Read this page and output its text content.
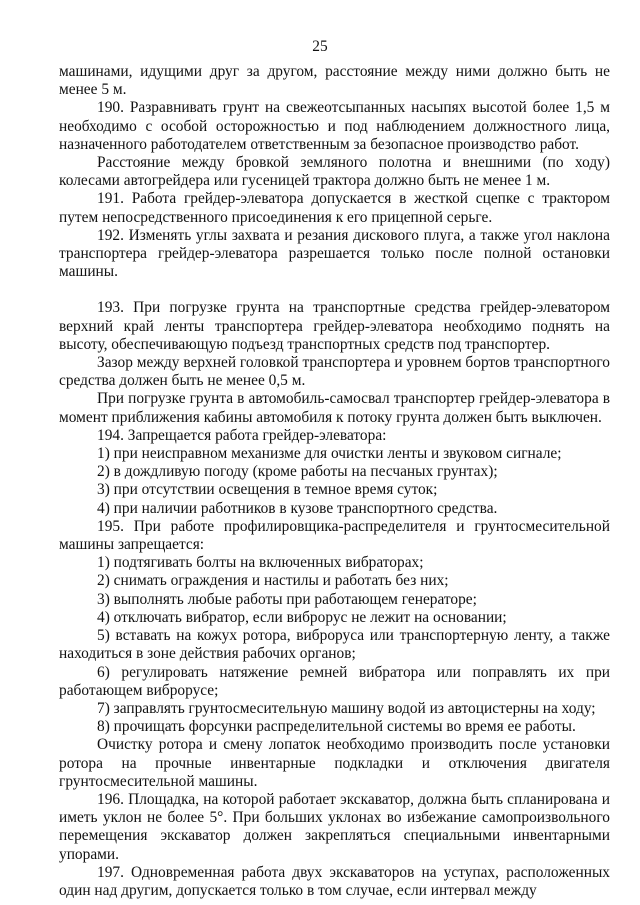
25

машинами, идущими друг за другом, расстояние между ними должно быть не менее 5 м.

190. Разравнивать грунт на свежеотсыпанных насыпях высотой более 1,5 м необходимо с особой осторожностью и под наблюдением должностного лица, назначенного работодателем ответственным за безопасное производство работ.

Расстояние между бровкой земляного полотна и внешними (по ходу) колесами автогрейдера или гусеницей трактора должно быть не менее 1 м.

191. Работа грейдер-элеватора допускается в жесткой сцепке с трактором путем непосредственного присоединения к его прицепной серьге.

192. Изменять углы захвата и резания дискового плуга, а также угол наклона транспортера грейдер-элеватора разрешается только после полной остановки машины.

193. При погрузке грунта на транспортные средства грейдер-элеватором верхний край ленты транспортера грейдер-элеватора необходимо поднять на высоту, обеспечивающую подъезд транспортных средств под транспортер.

Зазор между верхней головкой транспортера и уровнем бортов транспортного средства должен быть не менее 0,5 м.

При погрузке грунта в автомобиль-самосвал транспортер грейдер-элеватора в момент приближения кабины автомобиля к потоку грунта должен быть выключен.

194. Запрещается работа грейдер-элеватора:

1) при неисправном механизме для очистки ленты и звуковом сигнале;

2) в дождливую погоду (кроме работы на песчаных грунтах);

3) при отсутствии освещения в темное время суток;

4) при наличии работников в кузове транспортного средства.

195. При работе профилировщика-распределителя и грунтосмесительной машины запрещается:

1) подтягивать болты на включенных вибраторах;

2) снимать ограждения и настилы и работать без них;

3) выполнять любые работы при работающем генераторе;

4) отключать вибратор, если виброрус не лежит на основании;

5) вставать на кожух ротора, виброруса или транспортерную ленту, а также находиться в зоне действия рабочих органов;

6) регулировать натяжение ремней вибратора или поправлять их при работающем виброрусе;

7) заправлять грунтосмесительную машину водой из автоцистерны на ходу;

8) прочищать форсунки распределительной системы во время ее работы.

Очистку ротора и смену лопаток необходимо производить после установки ротора на прочные инвентарные подкладки и отключения двигателя грунтосмесительной машины.

196. Площадка, на которой работает экскаватор, должна быть спланирована и иметь уклон не более 5°. При больших уклонах во избежание самопроизвольного перемещения экскаватор должен закрепляться специальными инвентарными упорами.

197. Одновременная работа двух экскаваторов на уступах, расположенных один над другим, допускается только в том случае, если интервал между
